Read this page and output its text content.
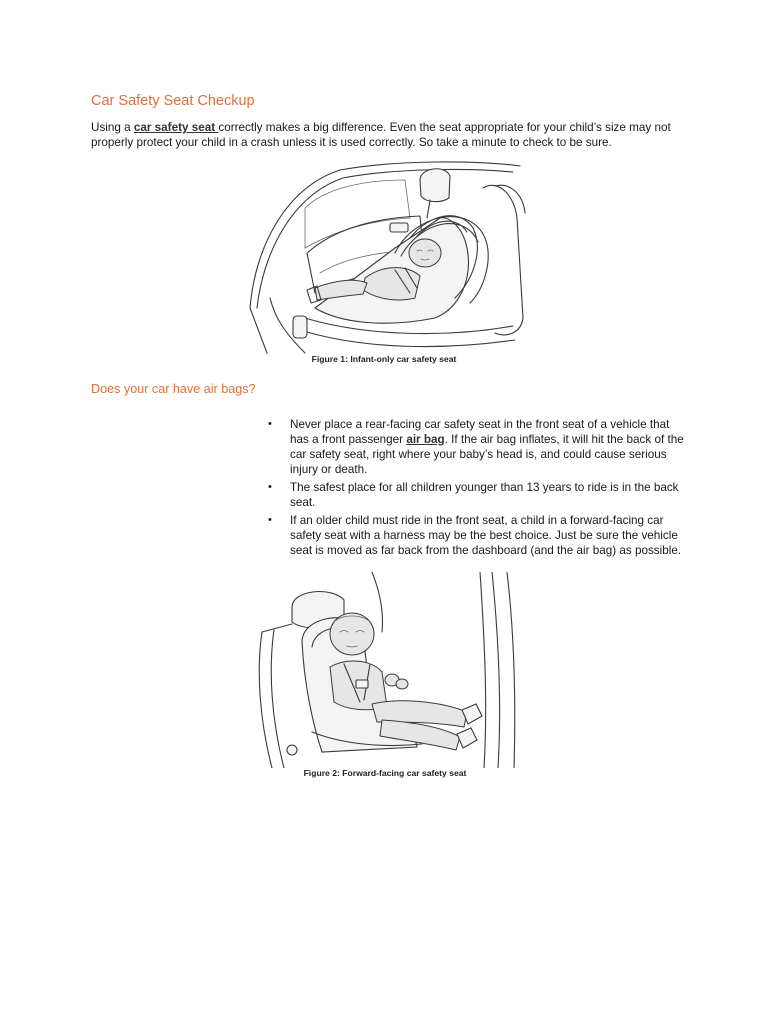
Car Safety Seat Checkup

Using a car safety seat correctly makes a big difference. Even the seat appropriate for your child’s size may not properly protect your child in a crash unless it is used correctly. So take a minute to check to be sure.

Figure 1: Infant-only car safety seat
Does your car have air bags?
• Never place a rear-facing car safety seat in the front seat of a vehicle that has a front passenger air bag. If the air bag inflates, it will hit the back of the car safety seat, right where your baby’s head is, and could cause serious injury or death.
• The safest place for all children younger than 13 years to ride is in the back seat.
• If an older child must ride in the front seat, a child in a forward-facing car safety seat with a harness may be the best choice. Just be sure the vehicle seat is moved as far back from the dashboard (and the air bag) as possible.
Figure 2: Forward-facing car safety seat
